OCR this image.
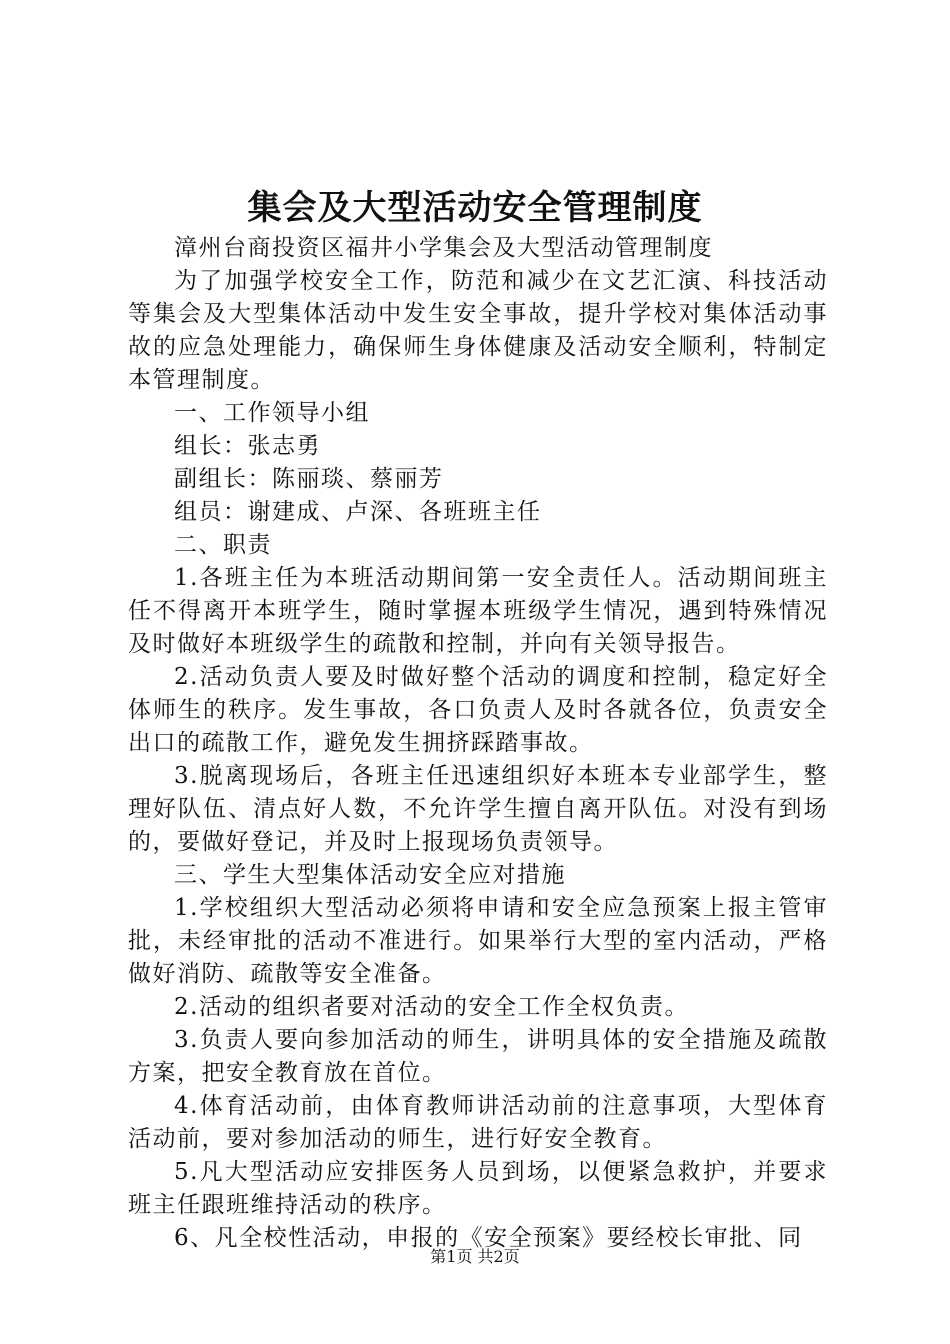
集会及大型活动安全管理制度

漳州台商投资区福井小学集会及大型活动管理制度

为了加强学校安全工作，防范和减少在文艺汇演、科技活动等集会及大型集体活动中发生安全事故，提升学校对集体活动事故的应急处理能力，确保师生身体健康及活动安全顺利，特制定本管理制度。

一、工作领导小组

组长：张志勇

副组长：陈丽琰、蔡丽芳

组员：谢建成、卢深、各班班主任

二、职责

1.各班主任为本班活动期间第一安全责任人。活动期间班主任不得离开本班学生，随时掌握本班级学生情况，遇到特殊情况及时做好本班级学生的疏散和控制，并向有关领导报告。

2.活动负责人要及时做好整个活动的调度和控制，稳定好全体师生的秩序。发生事故，各口负责人及时各就各位，负责安全出口的疏散工作，避免发生拥挤踩踏事故。

3.脱离现场后，各班主任迅速组织好本班本专业部学生，整理好队伍、清点好人数，不允许学生擅自离开队伍。对没有到场的，要做好登记，并及时上报现场负责领导。

三、学生大型集体活动安全应对措施

1.学校组织大型活动必须将申请和安全应急预案上报主管审批，未经审批的活动不准进行。如果举行大型的室内活动，严格做好消防、疏散等安全准备。

2.活动的组织者要对活动的安全工作全权负责。

3.负责人要向参加活动的师生，讲明具体的安全措施及疏散方案，把安全教育放在首位。

4.体育活动前，由体育教师讲活动前的注意事项，大型体育活动前，要对参加活动的师生，进行好安全教育。

5.凡大型活动应安排医务人员到场，以便紧急救护，并要求班主任跟班维持活动的秩序。

6、凡全校性活动，申报的《安全预案》要经校长审批、同

第1页 共2页
